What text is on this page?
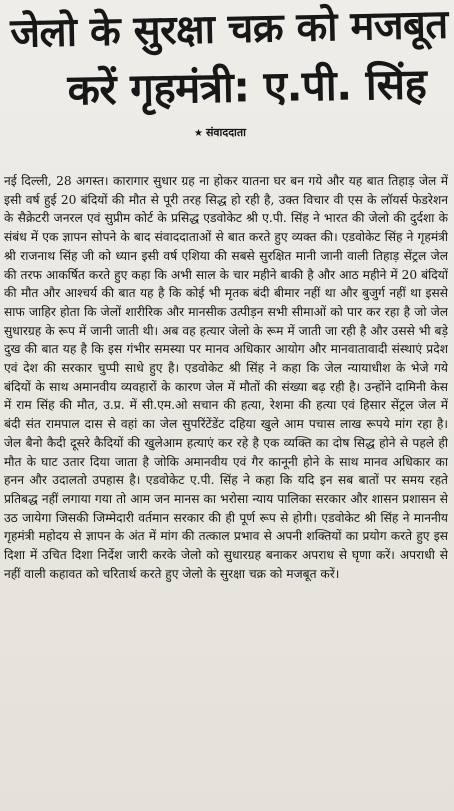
जेलो के सुरक्षा चक्र को मजबूत
करें गृहमंत्री: ए.पी. सिंह
★ संवाददाता
नई दिल्ली, 28 अगस्त। कारागार सुधार ग्रह ना होकर यातना घर बन गये और यह बात तिहाड़ जेल में इसी वर्ष हुई 20 बंदियों की मौत से पूरी तरह सिद्ध हो रही है, उक्त विचार वी एस के लॉयर्स फेडरेशन के सैक्रेटरी जनरल एवं सुप्रीम कोर्ट के प्रसिद्ध एडवोकेट श्री ए.पी. सिंह ने भारत की जेलो की दुर्दशा के संबंध में एक ज्ञापन सोपने के बाद संवाददाताओं से बात करते हुए व्यक्त की। एडवोकेट सिंह ने गृहमंत्री श्री राजनाथ सिंह जी को ध्यान इसी वर्ष एशिया की सबसे सुरक्षित मानी जानी वाली तिहाड़ सेंट्रल जेल की तरफ आकर्षित करते हुए कहा कि अभी साल के चार महीने बाकी है और आठ महीने में 20 बंदियों की मौत और आश्चर्य की बात यह है कि कोई भी मृतक बंदी बीमार नहीं था और बुजुर्ग नहीं था इससे साफ जाहिर होता कि जेलों शारीरिक और मानसीक उत्पीड़न सभी सीमाओं को पार कर रहा है जो जेल सुधारग्रह के रूप में जानी जाती थी। अब वह हत्यार जेलो के रूम में जाती जा रही है और उससे भी बड़े दुख की बात यह है कि इस गंभीर समस्या पर मानव अधिकार आयोग और मानवातावादी संस्थाएं प्रदेश एवं देश की सरकार चुप्पी साधे हुए है। एडवोकेट श्री सिंह ने कहा कि जेल न्यायाधीश के भेजे गये बंदियों के साथ अमानवीय व्यवहारों के कारण जेल में मौतों की संख्या बढ़ रही है। उन्होंने दामिनी केस में राम सिंह की मौत, उ.प्र. में सी.एम.ओ सचान की हत्या, रेशमा की हत्या एवं हिसार सेंट्रल जेल में बंदी संत रामपाल दास से वहां का जेल सुपरिंटेंडेंट दहिया खुले आम पचास लाख रूपये मांग रहा है। जेल बैनो कैदी दूसरे कैदियों की खुलेआम हत्याएं कर रहे है एक व्यक्ति का दोष सिद्ध होने से पहले ही मौत के घाट उतार दिया जाता है जोकि अमानवीय एवं गैर कानूनी होने के साथ मानव अधिकार का हनन और उदालतो उपहास है। एडवोकेट ए.पी. सिंह ने कहा कि यदि इन सब बातों पर समय रहते प्रतिबद्ध नहीं लगाया गया तो आम जन मानस का भरोसा न्याय पालिका सरकार और शासन प्रशासन से उठ जायेगा जिसकी जिम्मेदारी वर्तमान सरकार की ही पूर्ण रूप से होगी। एडवोकेट श्री सिंह ने माननीय गृहमंत्री महोदय से ज्ञापन के अंत में मांग की तत्काल प्रभाव से अपनी शक्तियों का प्रयोग करते हुए इस दिशा में उचित दिशा निर्देश जारी करके जेलो को सुधारग्रह बनाकर अपराध से घृणा करें। अपराधी से नहीं वाली कहावत को चरितार्थ करते हुए जेलो के सुरक्षा चक्र को मजबूत करें।
